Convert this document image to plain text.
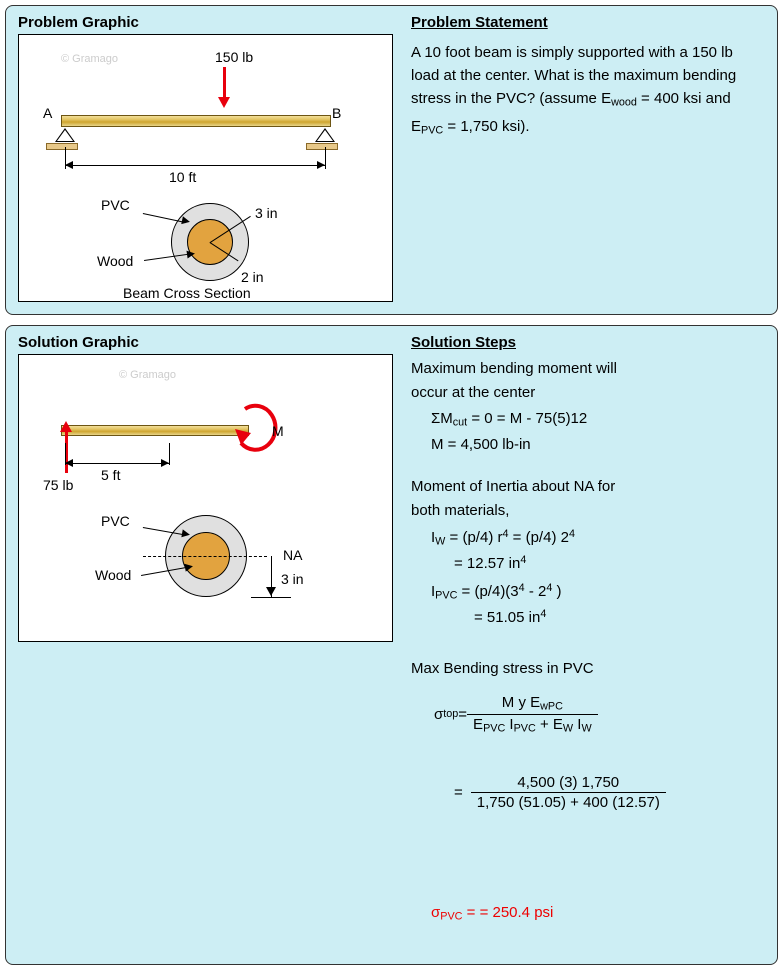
Problem Graphic	Problem Statement
© Gramago	150 lb
A	B
10 ft
PVC
Wood
3 in
2 in
Beam Cross Section
A 10 foot beam is simply supported with a 150 lb load at the center. What is the maximum bending stress in the PVC? (assume $E_{wood} = 400$ ksi and $E_{PVC} = 1,750$ ksi).
Solution Graphic	Solution Steps
© Gramago
75 lb
M
5 ft
NA
3 in
PVC
Wood
Maximum bending moment will
occur at the center
$\Sigma M_{cut} = 0 = M - 75(5)12$
M = 4,500 lb-in
Moment of Inertia about NA for
both materials,
$I_W = (p/4) r^4 = (p/4)$ $2^4$
= 12.57 $in^4$
$I_{PVC} = (p/4)(3^4 - 2^4$ )
= 51.05 $in^4$
Max Bending stress in PVC
σ top = $\frac{M y E_{wPC}}{E_{PVC} I_{PVC} + E_W I_W}$
= $\frac{4,500 (3) 1,750}{1,750 (51.05) + 400 (12.57)}$
$\sigma_{PVC}$ = = 250.4 psi
